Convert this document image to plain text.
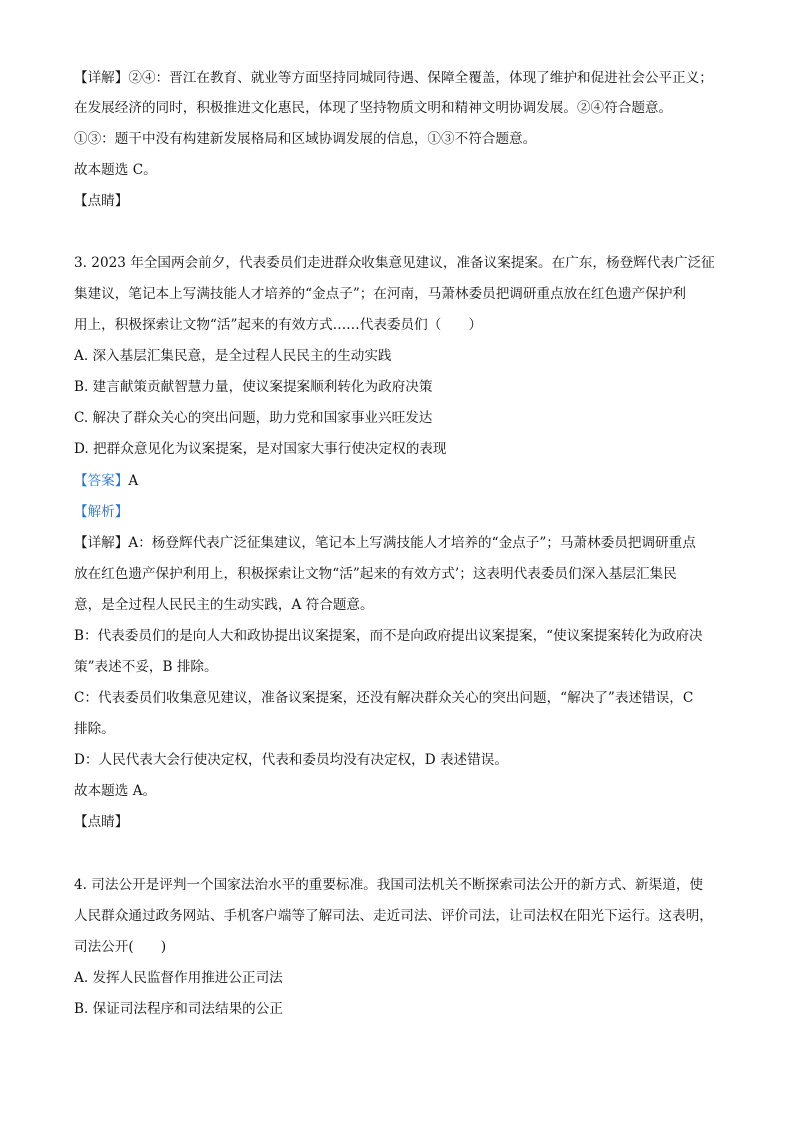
【详解】②④：晋江在教育、就业等方面坚持同城同待遇、保障全覆盖，体现了维护和促进社会公平正义；
在发展经济的同时，积极推进文化惠民，体现了坚持物质文明和精神文明协调发展。②④符合题意。
①③：题干中没有构建新发展格局和区域协调发展的信息，①③不符合题意。
故本题选 C。
【点睛】
3. 2023 年全国两会前夕，代表委员们走进群众收集意见建议，准备议案提案。在广东，杨登辉代表广泛征
集建议，笔记本上写满技能人才培养的“金点子”；在河南，马萧林委员把调研重点放在红色遗产保护利
用上，积极探索让文物“活”起来的有效方式……代表委员们（　　）
A. 深入基层汇集民意，是全过程人民民主的生动实践
B. 建言献策贡献智慧力量，使议案提案顺利转化为政府决策
C. 解决了群众关心的突出问题，助力党和国家事业兴旺发达
D. 把群众意见化为议案提案，是对国家大事行使决定权的表现
【答案】A
【解析】
【详解】A：杨登辉代表广泛征集建议，笔记本上写满技能人才培养的“金点子”；马萧林委员把调研重点
放在红色遗产保护利用上，积极探索让文物“活”起来的有效方式’；这表明代表委员们深入基层汇集民
意，是全过程人民民主的生动实践，A 符合题意。
B：代表委员们的是向人大和政协提出议案提案，而不是向政府提出议案提案，“使议案提案转化为政府决
策”表述不妥，B 排除。
C：代表委员们收集意见建议，准备议案提案，还没有解决群众关心的突出问题，“解决了”表述错误，C
排除。
D：人民代表大会行使决定权，代表和委员均没有决定权，D 表述错误。
故本题选 A。
【点睛】
4. 司法公开是评判一个国家法治水平的重要标准。我国司法机关不断探索司法公开的新方式、新渠道，使
人民群众通过政务网站、手机客户端等了解司法、走近司法、评价司法，让司法权在阳光下运行。这表明，
司法公开(　　)
A. 发挥人民监督作用推进公正司法
B. 保证司法程序和司法结果的公正
